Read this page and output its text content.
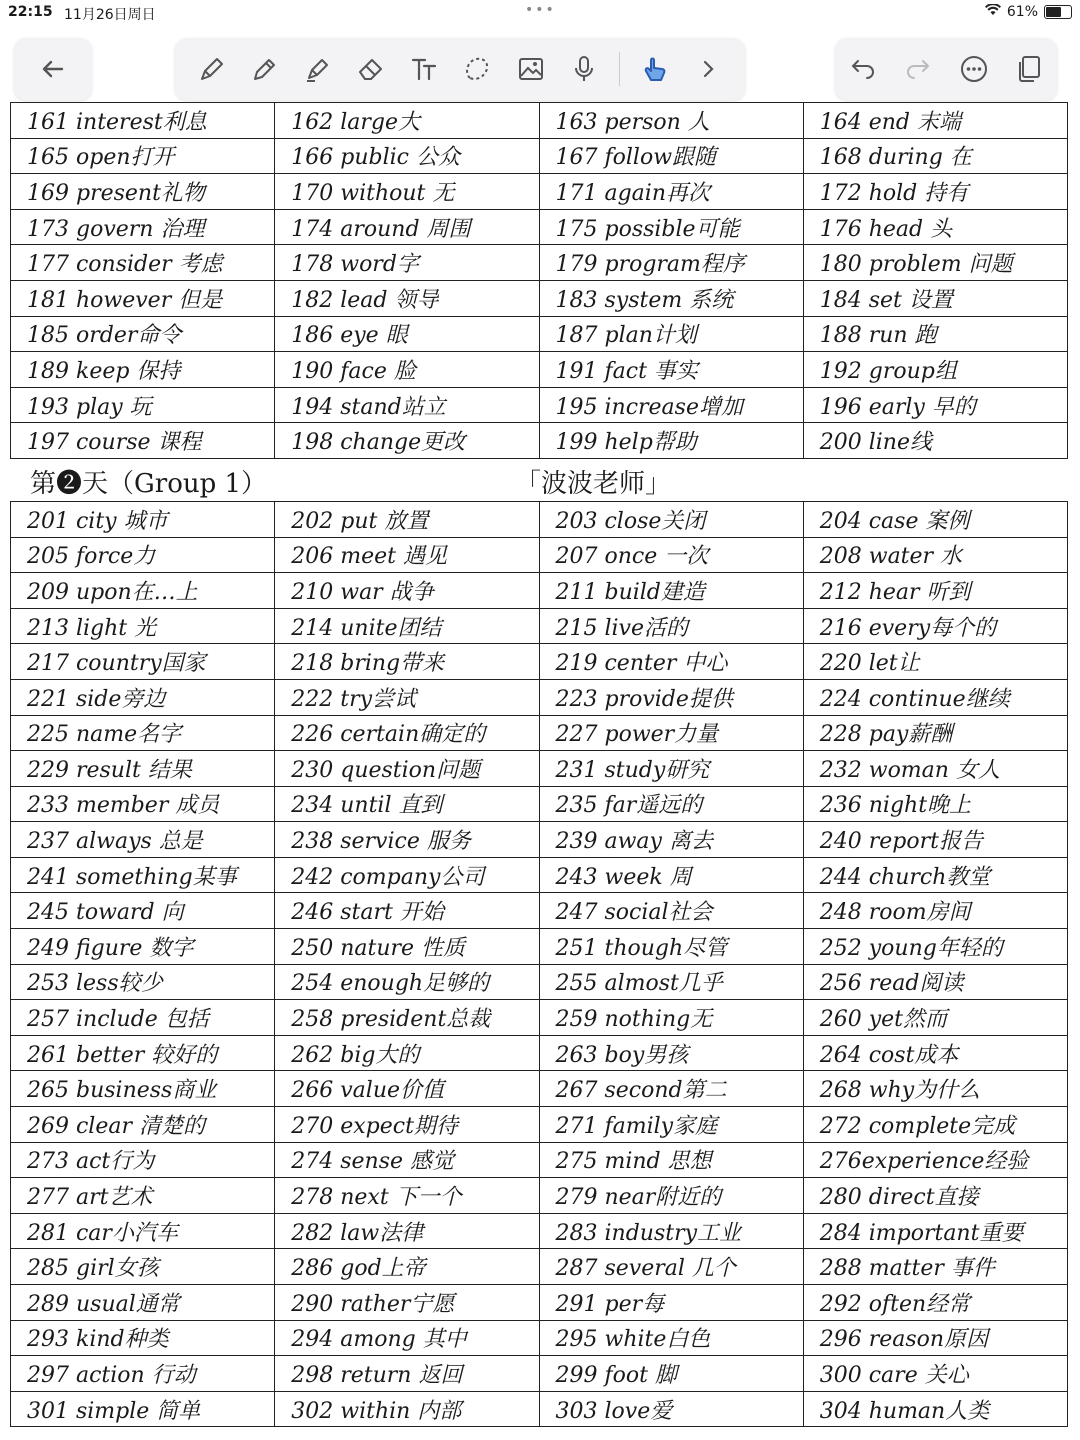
22:15 11月26日周日	•••	61%
161 interest利息	162 large大	163 person 人	164 end 末端
165 open打开	166 public 公众	167 follow跟随	168 during 在
169 present礼物	170 without 无	171 again再次	172 hold 持有
173 govern 治理	174 around 周围	175 possible可能	176 head 头
177 consider 考虑	178 word字	179 program程序	180 problem 问题
181 however 但是	182 lead 领导	183 system 系统	184 set 设置
185 order命令	186 eye 眼	187 plan计划	188 run 跑
189 keep 保持	190 face 脸	191 fact 事实	192 group组
193 play 玩	194 stand站立	195 increase增加	196 early 早的
197 course 课程	198 change更改	199 help帮助	200 line线
第❷天（Group 1）	「波波老师」
201 city 城市	202 put 放置	203 close关闭	204 case 案例
205 force力	206 meet 遇见	207 once 一次	208 water 水
209 upon在…上	210 war 战争	211 build建造	212 hear 听到
213 light 光	214 unite团结	215 live活的	216 every每个的
217 country国家	218 bring带来	219 center 中心	220 let让
221 side旁边	222 try尝试	223 provide提供	224 continue继续
225 name名字	226 certain确定的	227 power力量	228 pay薪酬
229 result 结果	230 question问题	231 study研究	232 woman 女人
233 member 成员	234 until 直到	235 far遥远的	236 night晚上
237 always 总是	238 service 服务	239 away 离去	240 report报告
241 something某事	242 company公司	243 week 周	244 church教堂
245 toward 向	246 start 开始	247 social社会	248 room房间
249 figure 数字	250 nature 性质	251 though尽管	252 young年轻的
253 less较少	254 enough足够的	255 almost几乎	256 read阅读
257 include 包括	258 president总裁	259 nothing无	260 yet然而
261 better 较好的	262 big大的	263 boy男孩	264 cost成本
265 business商业	266 value价值	267 second第二	268 why为什么
269 clear 清楚的	270 expect期待	271 family家庭	272 complete完成
273 act行为	274 sense 感觉	275 mind 思想	276experience经验
277 art艺术	278 next 下一个	279 near附近的	280 direct直接
281 car小汽车	282 law法律	283 industry工业	284 important重要
285 girl女孩	286 god上帝	287 several 几个	288 matter 事件
289 usual通常	290 rather宁愿	291 per每	292 often经常
293 kind种类	294 among 其中	295 white白色	296 reason原因
297 action 行动	298 return 返回	299 foot 脚	300 care 关心
301 simple 简单	302 within 内部	303 love爱	304 human人类
